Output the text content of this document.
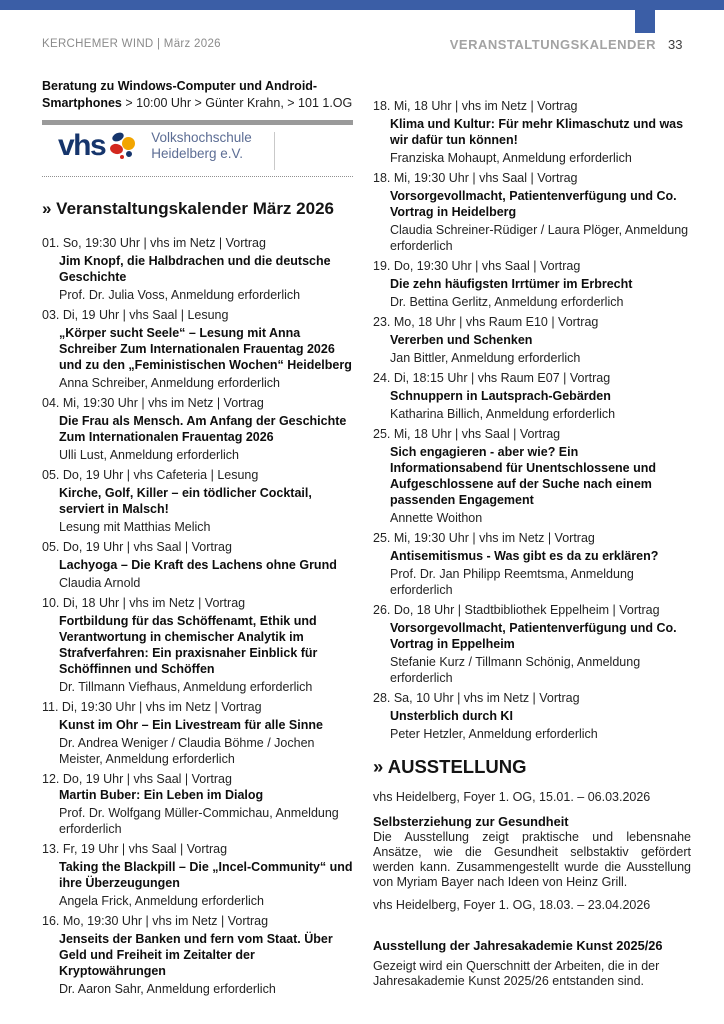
KERCHEMER WIND | März 2026	VERANSTALTUNGSKALENDER 33
Beratung zu Windows-Computer und Android-Smartphones > 10:00 Uhr > Günter Krahn, > 101 1.OG
vhs	Volkshochschule
Heidelberg e.V.
» Veranstaltungskalender März 2026
01. So, 19:30 Uhr | vhs im Netz | Vortrag
Jim Knopf, die Halbdrachen und die deutsche Geschichte
Prof. Dr. Julia Voss, Anmeldung erforderlich
03. Di, 19 Uhr | vhs Saal | Lesung
„Körper sucht Seele“ – Lesung mit Anna Schreiber Zum Internationalen Frauentag 2026 und zu den „Feministischen Wochen“ Heidelberg
Anna Schreiber, Anmeldung erforderlich
04. Mi, 19:30 Uhr | vhs im Netz | Vortrag
Die Frau als Mensch. Am Anfang der Geschichte Zum Internationalen Frauentag 2026
Ulli Lust, Anmeldung erforderlich
05. Do, 19 Uhr | vhs Cafeteria | Lesung
Kirche, Golf, Killer – ein tödlicher Cocktail, serviert in Malsch!
Lesung mit Matthias Melich
05. Do, 19 Uhr | vhs Saal | Vortrag
Lachyoga – Die Kraft des Lachens ohne Grund
Claudia Arnold
10. Di, 18 Uhr | vhs im Netz | Vortrag
Fortbildung für das Schöffenamt, Ethik und Verantwortung in chemischer Analytik im Strafverfahren: Ein praxisnaher Einblick für Schöffinnen und Schöffen
Dr. Tillmann Viefhaus, Anmeldung erforderlich
11. Di, 19:30 Uhr | vhs im Netz | Vortrag
Kunst im Ohr – Ein Livestream für alle Sinne
Dr. Andrea Weniger / Claudia Böhme / Jochen Meister, Anmeldung erforderlich
12. Do, 19 Uhr | vhs Saal | Vortrag
Martin Buber: Ein Leben im Dialog
Prof. Dr. Wolfgang Müller-Commichau, Anmeldung erforderlich
13. Fr, 19 Uhr | vhs Saal | Vortrag
Taking the Blackpill – Die „Incel-Community“ und ihre Überzeugungen
Angela Frick, Anmeldung erforderlich
16. Mo, 19:30 Uhr | vhs im Netz | Vortrag
Jenseits der Banken und fern vom Staat. Über Geld und Freiheit im Zeitalter der Kryptowährungen
Dr. Aaron Sahr, Anmeldung erforderlich
18. Mi, 18 Uhr | vhs im Netz | Vortrag
Klima und Kultur: Für mehr Klimaschutz und was wir dafür tun können!
Franziska Mohaupt, Anmeldung erforderlich
18. Mi, 19:30 Uhr | vhs Saal | Vortrag
Vorsorgevollmacht, Patientenverfügung und Co. Vortrag in Heidelberg
Claudia Schreiner-Rüdiger / Laura Plöger, Anmeldung erforderlich
19. Do, 19:30 Uhr | vhs Saal | Vortrag
Die zehn häufigsten Irrtümer im Erbrecht
Dr. Bettina Gerlitz, Anmeldung erforderlich
23. Mo, 18 Uhr | vhs Raum E10 | Vortrag
Vererben und Schenken
Jan Bittler, Anmeldung erforderlich
24. Di, 18:15 Uhr | vhs Raum E07 | Vortrag
Schnuppern in Lautsprach-Gebärden
Katharina Billich, Anmeldung erforderlich
25. Mi, 18 Uhr | vhs Saal | Vortrag
Sich engagieren - aber wie? Ein Informationsabend für Unentschlossene und Aufgeschlossene auf der Suche nach einem passenden Engagement
Annette Woithon
25. Mi, 19:30 Uhr | vhs im Netz | Vortrag
Antisemitismus - Was gibt es da zu erklären?
Prof. Dr. Jan Philipp Reemtsma, Anmeldung erforderlich
26. Do, 18 Uhr | Stadtbibliothek Eppelheim | Vortrag
Vorsorgevollmacht, Patientenverfügung und Co. Vortrag in Eppelheim
Stefanie Kurz / Tillmann Schönig, Anmeldung erforderlich
28. Sa, 10 Uhr | vhs im Netz | Vortrag
Unsterblich durch KI
Peter Hetzler, Anmeldung erforderlich
» AUSSTELLUNG
vhs Heidelberg, Foyer 1. OG, 15.01. – 06.03.2026
Selbsterziehung zur Gesundheit
Die Ausstellung zeigt praktische und lebensnahe Ansätze, wie die Gesundheit selbstaktiv gefördert werden kann. Zusammengestellt wurde die Ausstellung von Myriam Bayer nach Ideen von Heinz Grill.
vhs Heidelberg, Foyer 1. OG, 18.03. – 23.04.2026
Ausstellung der Jahresakademie Kunst 2025/26
Gezeigt wird ein Querschnitt der Arbeiten, die in der Jahresakademie Kunst 2025/26 entstanden sind.
